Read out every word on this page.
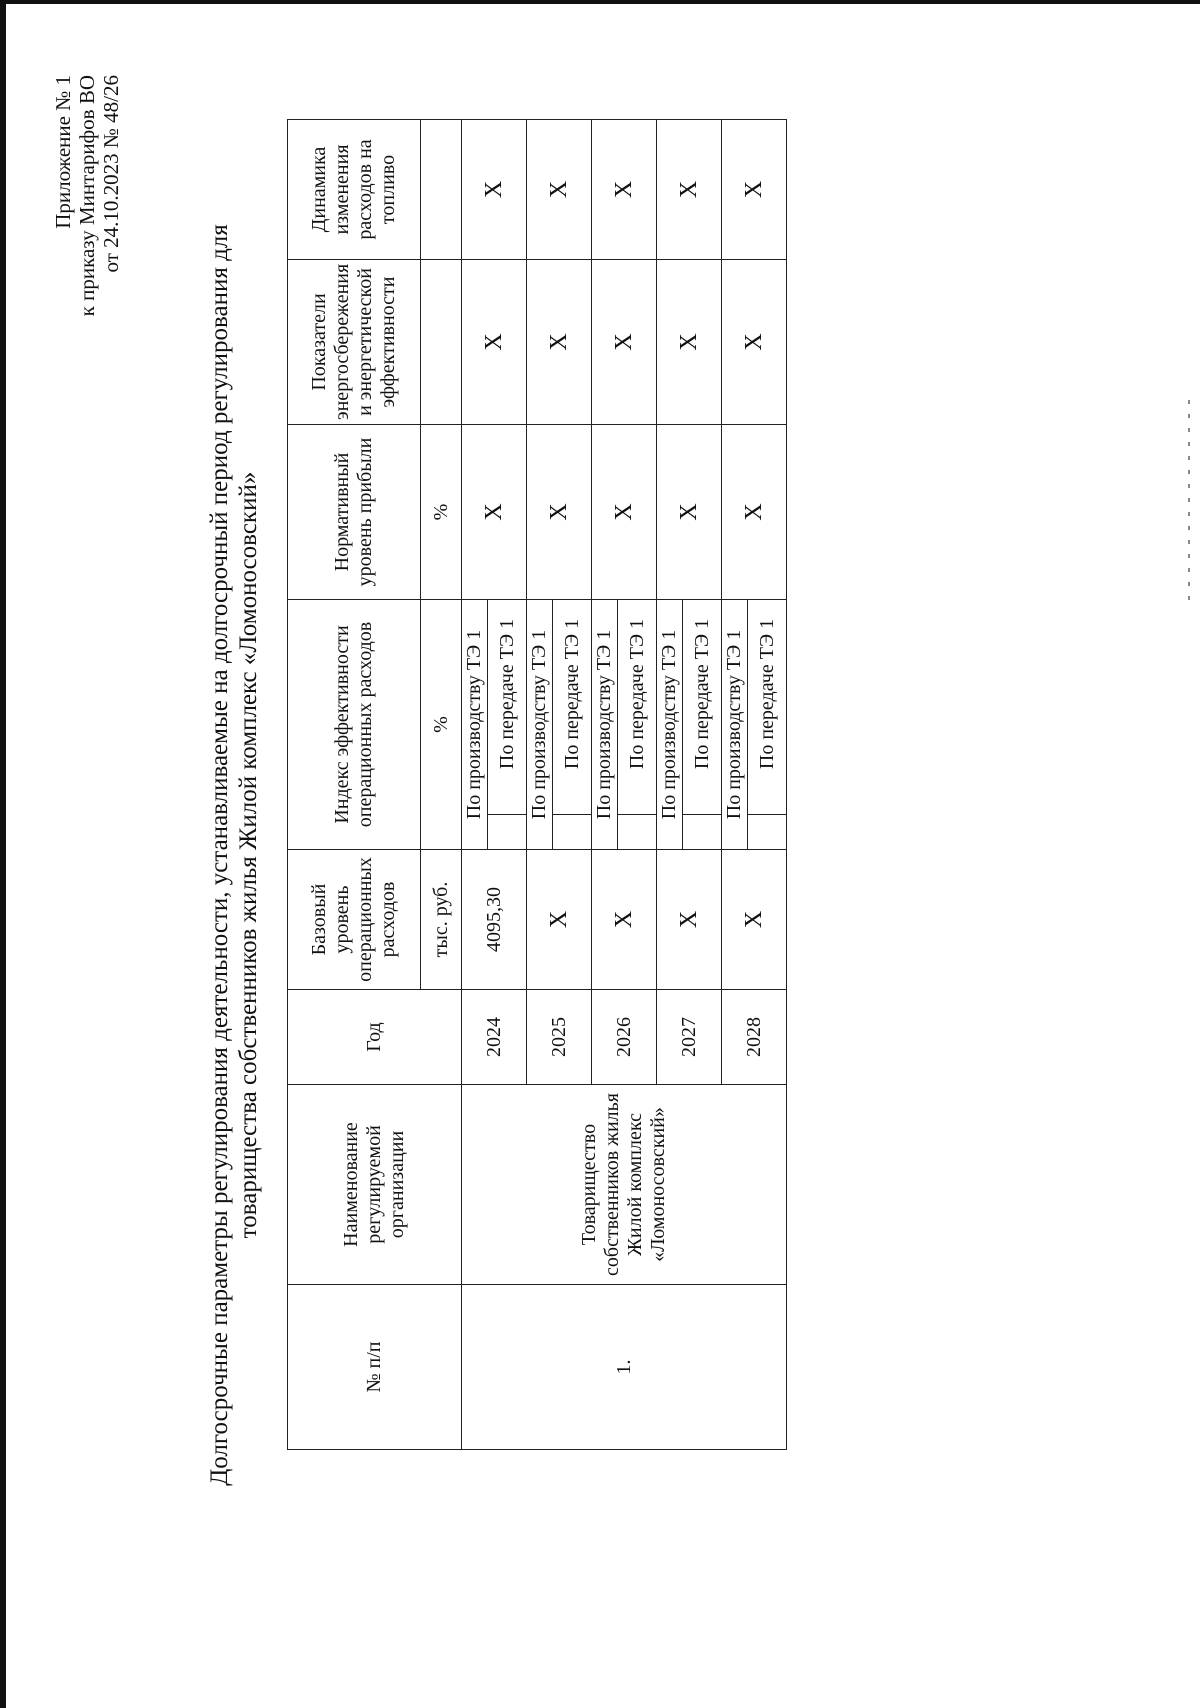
Приложение № 1 к приказу Минтарифов ВО от 24.10.2023 № 48/26
Долгосрочные параметры регулирования деятельности, устанавливаемые на долгосрочный период регулирования для товарищества собственников жилья Жилой комплекс «Ломоносовский»
№ п/п	Наименование регулируемой организации	Год	Базовый уровень операционных расходов	Индекс эффективности операционных расходов		Нормативный уровень прибыли	Показатели энергосбережения и энергетической эффективности	Динамика изменения расходов на топливо
			тыс. руб.	%		%		
1.	Товарищество собственников жилья Жилой комплекс «Ломоносовский»	2024	4095,30	По производству ТЭ 1		Х	Х	Х
					По передаче ТЭ 1			
		2025	Х	По производству ТЭ 1		Х	Х	Х
					По передаче ТЭ 1			
		2026	Х	По производству ТЭ 1		Х	Х	Х
					По передаче ТЭ 1			
		2027	Х	По производству ТЭ 1		Х	Х	Х
					По передаче ТЭ 1			
		2028	Х	По производству ТЭ 1		Х	Х	Х
					По передаче ТЭ 1			
